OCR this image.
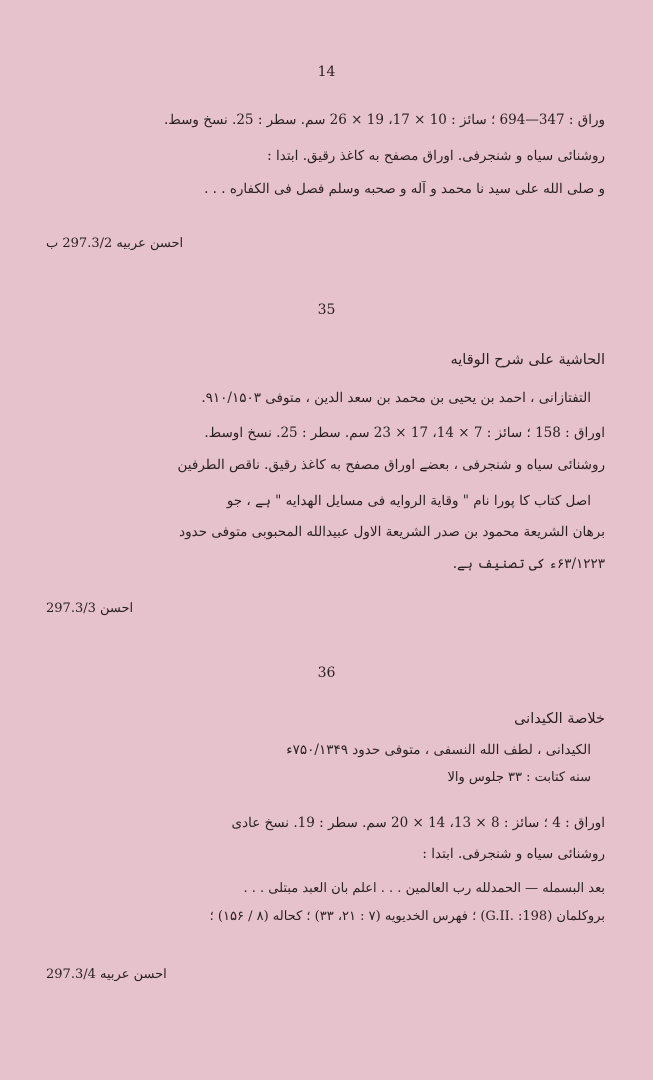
14
وراق : 347—694 ؛ سائز : 10 × 17، 19 × 26 سم. سطر : 25. نسخ وسط.
روشنائی سیاه و شنجرفی. اوراق مصفح به کاغذ رقیق. ابتدا :
و صلی الله علی سید نا محمد و آله و صحبه وسلم فصل فی الکفاره . . .
احسن عربیه 297.3/2 ب
35
الحاشیة علی شرح الوقایه
التفتازانی ، احمد بن یحیی بن محمد بن سعد الدین ، متوفی ۹۱۰/۱۵۰۳.
اوراق : 158 ؛ سائز : 7 × 14، 17 × 23 سم. سطر : 25. نسخ اوسط.
روشنائی سیاه و شنجرفی ، بعضے اوراق مصفح به کاغذ رقیق. ناقص الطرفین
اصل کتاب کا پورا نام " وقایة الروایه فی مسایل الهدایه " ہے ، جو
برهان الشریعة محمود بن صدر الشریعة الاول عبیدالله المحبوبی متوفی حدود
۶۳/۱۲۲۳ء کی تصنیف ہے.
احسن 297.3/3
36
خلاصة الکیدانی
الکیدانی ، لطف الله النسفی ، متوفی حدود ۷۵۰/۱۳۴۹ء
سنه کتابت : ۳۳ جلوس والا
اوراق : 4 ؛ سائز : 8 × 13، 14 × 20 سم. سطر : 19. نسخ عادی
روشنائی سیاه و شنجرفی. ابتدا :
بعد البسمله — الحمدلله رب العالمین . . . اعلم بأن العبد مبتلی . . .
بروکلمان (G.II. :198) ؛ فهرس الخدیویه (۷ : ۲۱، ۳۳) ؛ کحاله (۸ / ۱۵۶) ؛
احسن عربیه 297.3/4
